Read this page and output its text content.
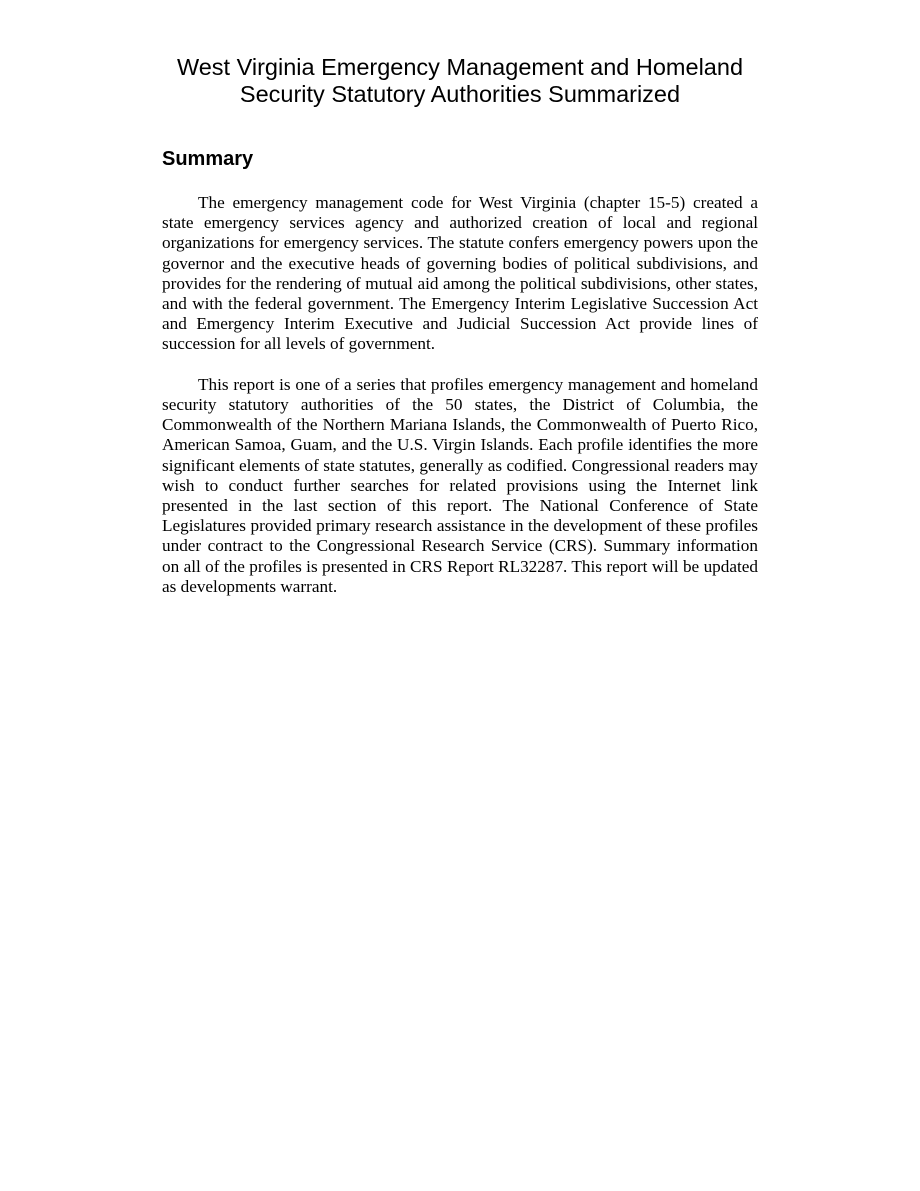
West Virginia Emergency Management and Homeland
Security Statutory Authorities Summarized
Summary

The emergency management code for West Virginia (chapter 15-5) created a state emergency services agency and authorized creation of local and regional organizations for emergency services. The statute confers emergency powers upon the governor and the executive heads of governing bodies of political subdivisions, and provides for the rendering of mutual aid among the political subdivisions, other states, and with the federal government. The Emergency Interim Legislative Succession Act and Emergency Interim Executive and Judicial Succession Act provide lines of succession for all levels of government.

This report is one of a series that profiles emergency management and homeland security statutory authorities of the 50 states, the District of Columbia, the Commonwealth of the Northern Mariana Islands, the Commonwealth of Puerto Rico, American Samoa, Guam, and the U.S. Virgin Islands. Each profile identifies the more significant elements of state statutes, generally as codified. Congressional readers may wish to conduct further searches for related provisions using the Internet link presented in the last section of this report. The National Conference of State Legislatures provided primary research assistance in the development of these profiles under contract to the Congressional Research Service (CRS). Summary information on all of the profiles is presented in CRS Report RL32287. This report will be updated as developments warrant.
